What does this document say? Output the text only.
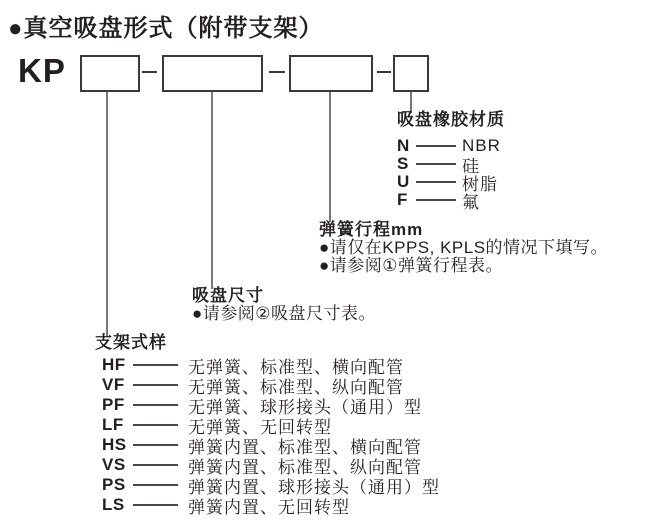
●真空吸盘形式（附带支架）
KP
吸盘橡胶材质
N	NBR
S	硅
U	树脂
F	氟
弹簧行程mm
●请仅在KPPS, KPLS的情况下填写。
●请参阅①弹簧行程表。
吸盘尺寸
●请参阅②吸盘尺寸表。
支架式样
HF	无弹簧、标准型、横向配管
VF	无弹簧、标准型、纵向配管
PF	无弹簧、球形接头（通用）型
LF	无弹簧、无回转型
HS	弹簧内置、标准型、横向配管
VS	弹簧内置、标准型、纵向配管
PS	弹簧内置、球形接头（通用）型
LS	弹簧内置、无回转型
